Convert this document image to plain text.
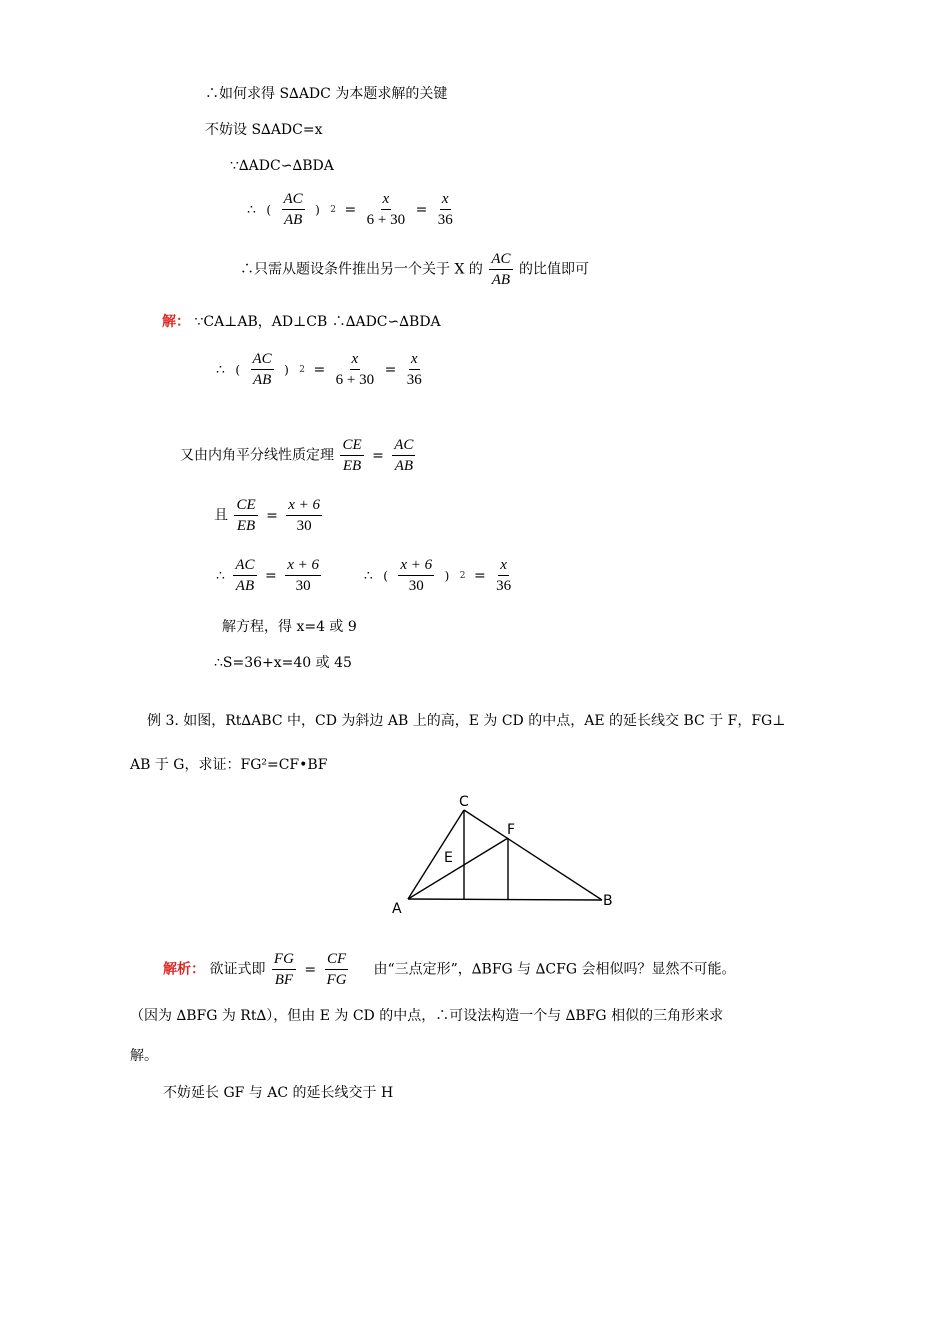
∴如何求得 S∆ADC 为本题求解的关键
不妨设 S∆ADC=x
∵∆ADC∽∆BDA
∴ ( $\frac{AC}{AB}$ ) $2 = \frac{x}{6 + 30} = \frac{x}{36}$
∴只需从题设条件推出另一个关于 X 的 $\frac{AC}{AB}$ 的比值即可
解： ∵CA⊥AB，AD⊥CB ∴∆ADC∽∆BDA
∴ ( $\frac{AC}{AB}$ ) $2 = \frac{x}{6 + 30} = \frac{x}{36}$
又由内角平分线性质定理 $\frac{CE}{EB} = \frac{AC}{AB}$
且 $\frac{CE}{EB} = \frac{x + 6}{30}$
∴ $\frac{AC}{AB} = \frac{x + 6}{30}$	∴ ( $\frac{x + 6}{30}$ ) $2 = \frac{x}{36}$
解方程，得 x=4 或 9
∴S=36+x=40 或 45
例 3. 如图，Rt∆ABC 中，CD 为斜边 AB 上的高，E 为 CD 的中点，AE 的延长线交 BC 于 F，FG⊥
AB 于 G，求证：FG²=CF•BF
A	B
C
E
F
解析： 欲证式即 $\frac{FG}{BF} = \frac{CF}{FG}$ 由“三点定形”，∆BFG 与 ∆CFG 会相似吗？显然不可能。
（因为 ∆BFG 为 Rt∆），但由 E 为 CD 的中点，∴可设法构造一个与 ∆BFG 相似的三角形来求
解。
不妨延长 GF 与 AC 的延长线交于 H
